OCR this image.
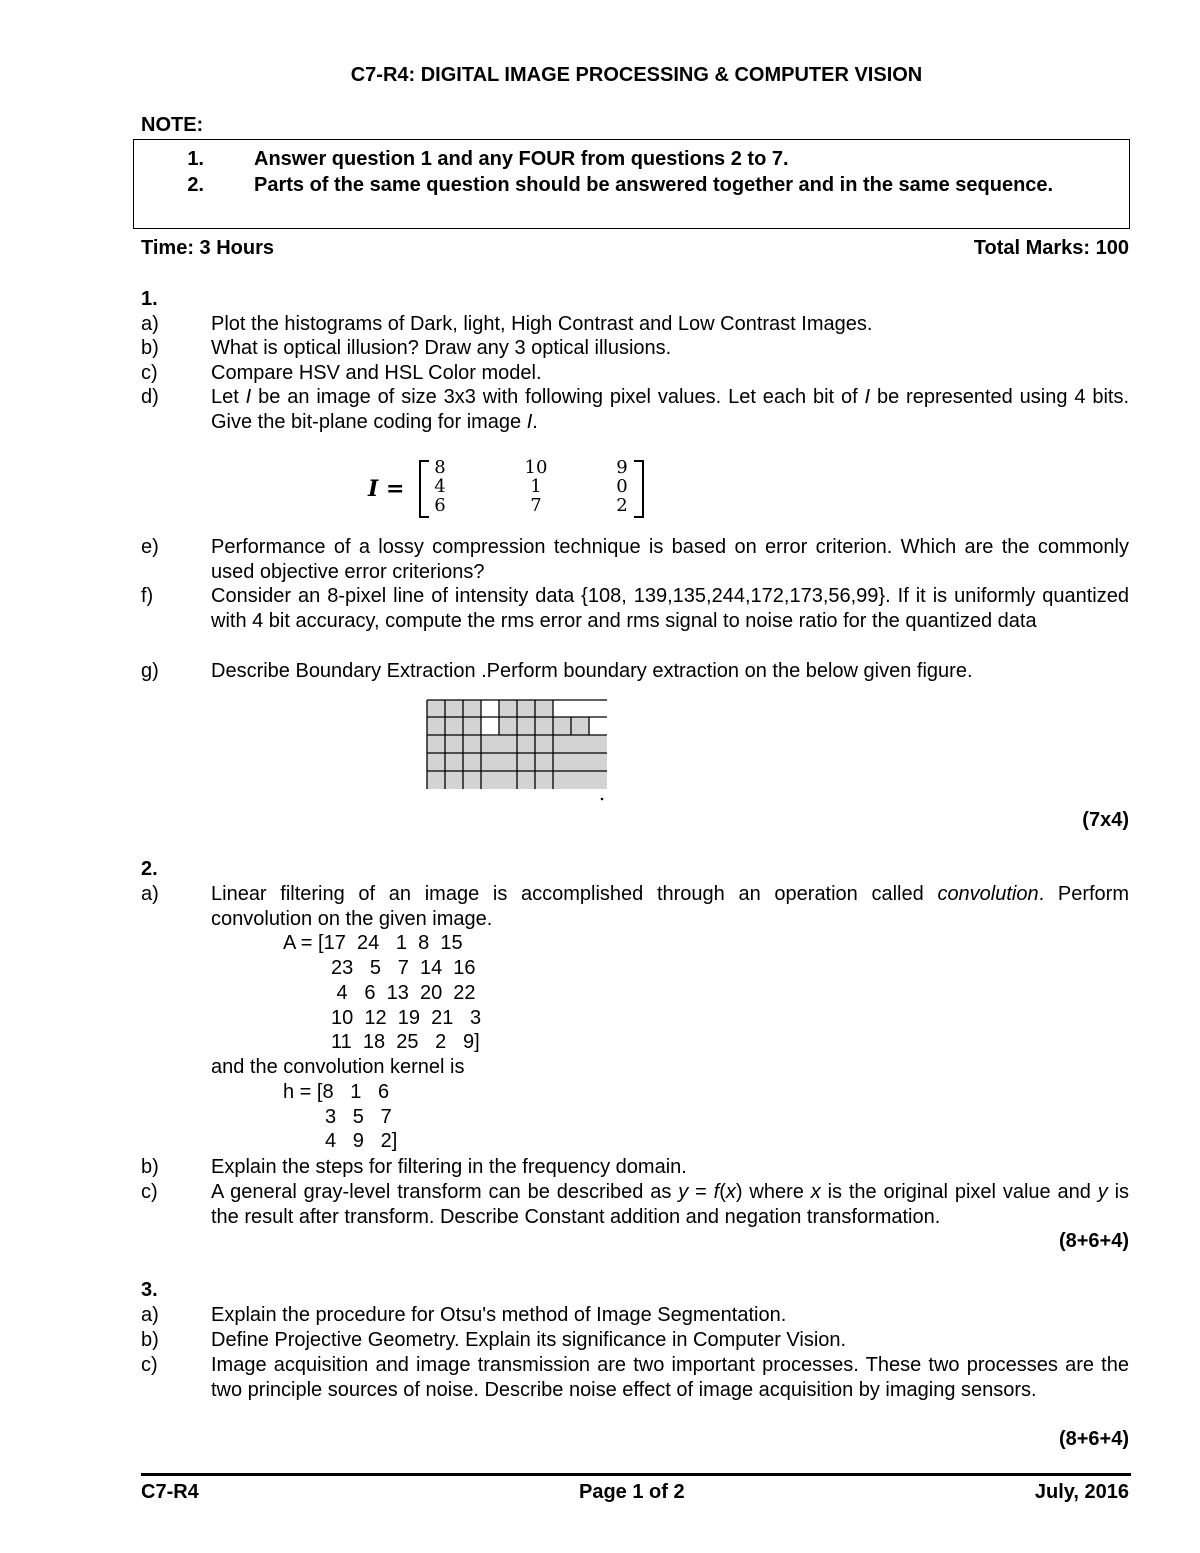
C7-R4: DIGITAL IMAGE PROCESSING & COMPUTER VISION
NOTE:
1.	Answer question 1 and any FOUR from questions 2 to 7.
2.	Parts of the same question should be answered together and in the same sequence.
Time: 3 Hours	Total Marks: 100
1.
a)	Plot the histograms of Dark, light, High Contrast and Low Contrast Images.
b)	What is optical illusion? Draw any 3 optical illusions.
c)	Compare HSV and HSL Color model.
d)	Let I be an image of size 3x3 with following pixel values. Let each bit of I be represented using 4 bits. Give the bit-plane coding for image I.
I =
8	10	9
4	1	0
6	7	2
e)	Performance of a lossy compression technique is based on error criterion. Which are the commonly used objective error criterions?
f)	Consider an 8-pixel line of intensity data {108, 139,135,244,172,173,56,99}. If it is uniformly quantized with 4 bit accuracy, compute the rms error and rms signal to noise ratio for the quantized data
g)	Describe Boundary Extraction .Perform boundary extraction on the below given figure.
(7x4)
2.
a)	Linear filtering of an image is accomplished through an operation called convolution. Perform convolution on the given image.
A = [17  24   1  8  15
23   5   7  14  16
4   6  13  20  22
10  12  19  21   3
11  18  25   2   9]
and the convolution kernel is
h = [8   1   6
3   5   7
4   9   2]
b)	Explain the steps for filtering in the frequency domain.
c)	A general gray-level transform can be described as y = f(x) where x is the original pixel value and y is the result after transform. Describe Constant addition and negation transformation.
(8+6+4)
3.
a)	Explain the procedure for Otsu's method of Image Segmentation.
b)	Define Projective Geometry. Explain its significance in Computer Vision.
c)	Image acquisition and image transmission are two important processes. These two processes are the two principle sources of noise. Describe noise effect of image acquisition by imaging sensors.
(8+6+4)
C7-R4	Page 1 of 2	July, 2016
